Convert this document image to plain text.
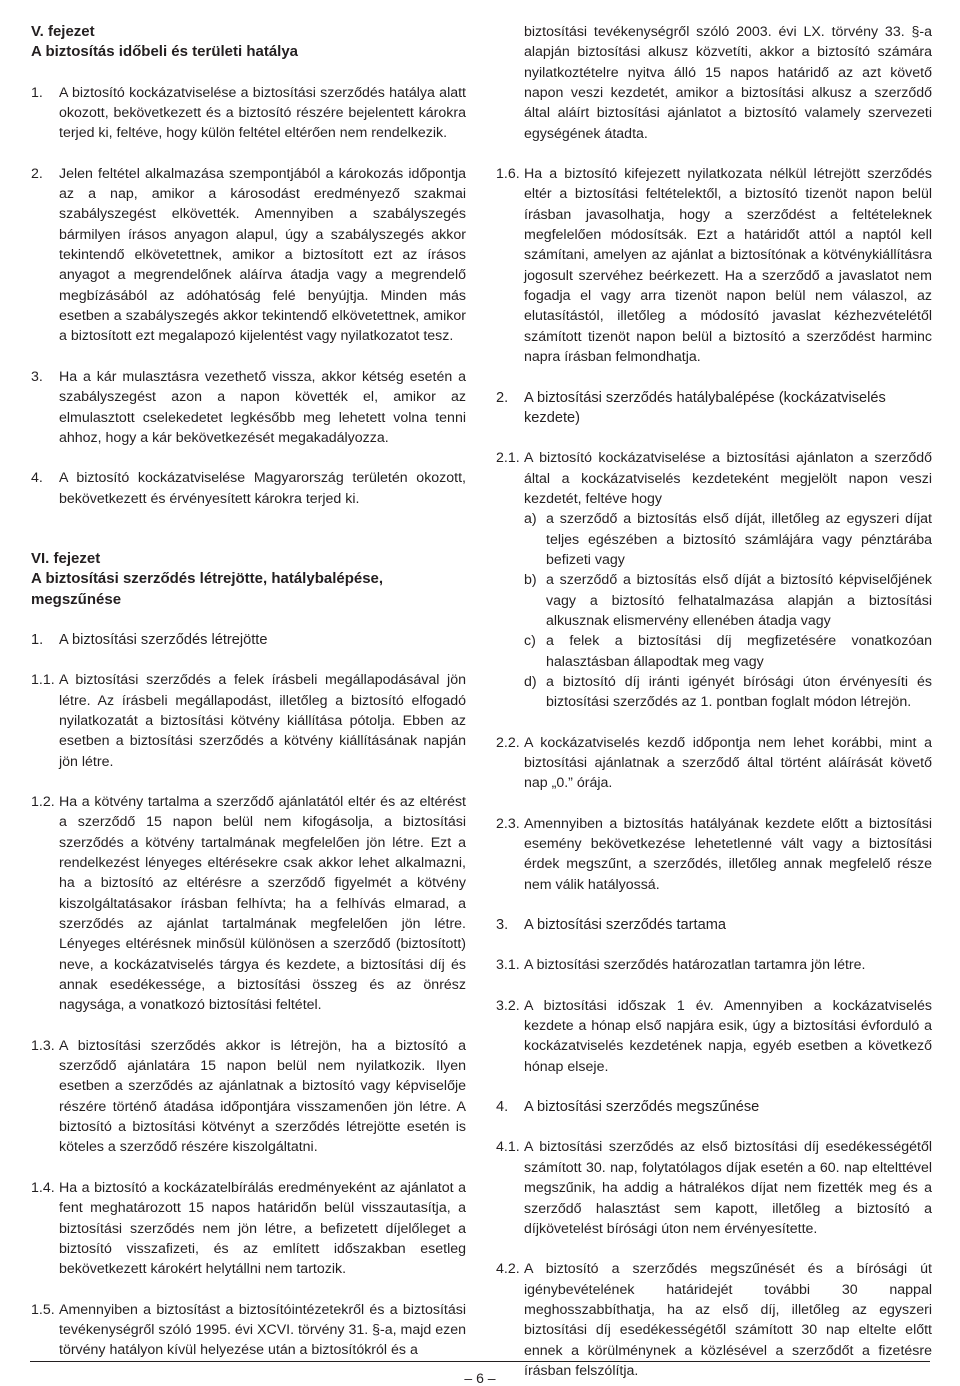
V. fejezet
A biztosítás időbeli és területi hatálya
1. A biztosító kockázatviselése a biztosítási szerződés hatálya alatt okozott, bekövetkezett és a biztosító részére bejelentett károkra terjed ki, feltéve, hogy külön feltétel eltérően nem rendelkezik.
2. Jelen feltétel alkalmazása szempontjából a károkozás időpontja az a nap, amikor a károsodást eredményező szakmai szabályszegést elkövették. Amennyiben a szabályszegés bármilyen írásos anyagon alapul, úgy a szabályszegés akkor tekintendő elkövetettnek, amikor a biztosított ezt az írásos anyagot a megrendelőnek aláírva átadja vagy a megrendelő megbízásából az adóhatóság felé benyújtja. Minden más esetben a szabályszegés akkor tekintendő elkövetettnek, amikor a biztosított ezt megalapozó kijelentést vagy nyilatkozatot tesz.
3. Ha a kár mulasztásra vezethető vissza, akkor kétség esetén a szabályszegést azon a napon követték el, amikor az elmulasztott cselekedetet legkésőbb meg lehetett volna tenni ahhoz, hogy a kár bekövetkezését megakadályozza.
4. A biztosító kockázatviselése Magyarország területén okozott, bekövetkezett és érvényesített károkra terjed ki.
VI. fejezet
A biztosítási szerződés létrejötte, hatálybalépése, megszűnése
1. A biztosítási szerződés létrejötte
1.1. A biztosítási szerződés a felek írásbeli megállapodásával jön létre. Az írásbeli megállapodást, illetőleg a biztosító elfogadó nyilatkozatát a biztosítási kötvény kiállítása pótolja. Ebben az esetben a biztosítási szerződés a kötvény kiállításának napján jön létre.
1.2. Ha a kötvény tartalma a szerződő ajánlatától eltér és az eltérést a szerződő 15 napon belül nem kifogásolja, a biztosítási szerződés a kötvény tartalmának megfelelően jön létre. Ezt a rendelkezést lényeges eltérésekre csak akkor lehet alkalmazni, ha a biztosító az eltérésre a szerződő figyelmét a kötvény kiszolgáltatásakor írásban felhívta; ha a felhívás elmarad, a szerződés az ajánlat tartalmának megfelelően jön létre. Lényeges eltérésnek minősül különösen a szerződő (biztosított) neve, a kockázatviselés tárgya és kezdete, a biztosítási díj és annak esedékessége, a biztosítási összeg és az önrész nagysága, a vonatkozó biztosítási feltétel.
1.3. A biztosítási szerződés akkor is létrejön, ha a biztosító a szerződő ajánlatára 15 napon belül nem nyilatkozik. Ilyen esetben a szerződés az ajánlatnak a biztosító vagy képviselője részére történő átadása időpontjára visszamenően jön létre. A biztosító a biztosítási kötvényt a szerződés létrejötte esetén is köteles a szerződő részére kiszolgáltatni.
1.4. Ha a biztosító a kockázatelbírálás eredményeként az ajánlatot a fent meghatározott 15 napos határidőn belül visszautasítja, a biztosítási szerződés nem jön létre, a befizetett díjelőleget a biztosító visszafizeti, és az említett időszakban esetleg bekövetkezett károkért helytállni nem tartozik.
1.5. Amennyiben a biztosítást a biztosítóintézetekről és a biztosítási tevékenységről szóló 1995. évi XCVI. törvény 31. §-a, majd ezen törvény hatályon kívül helyezése után a biztosítókról és a
biztosítási tevékenységről szóló 2003. évi LX. törvény 33. §-a alapján biztosítási alkusz közvetíti, akkor a biztosító számára nyilatkoztételre nyitva álló 15 napos határidő az azt követő napon veszi kezdetét, amikor a biztosítási alkusz a szerződő által aláírt biztosítási ajánlatot a biztosító valamely szervezeti egységének átadta.
1.6. Ha a biztosító kifejezett nyilatkozata nélkül létrejött szerződés eltér a biztosítási feltételektől, a biztosító tizenöt napon belül írásban javasolhatja, hogy a szerződést a feltételeknek megfelelően módosítsák. Ezt a határidőt attól a naptól kell számítani, amelyen az ajánlat a biztosítónak a kötvénykiállításra jogosult szervéhez beérkezett. Ha a szerződő a javaslatot nem fogadja el vagy arra tizenöt napon belül nem válaszol, az elutasítástól, illetőleg a módosító javaslat kézhezvételétől számított tizenöt napon belül a biztosító a szerződést harminc napra írásban felmondhatja.
2. A biztosítási szerződés hatálybalépése (kockázatviselés kezdete)
2.1. A biztosító kockázatviselése a biztosítási ajánlaton a szerződő által a kockázatviselés kezdeteként megjelölt napon veszi kezdetét, feltéve hogy
a) a szerződő a biztosítás első díját, illetőleg az egyszeri díjat teljes egészében a biztosító számlájára vagy pénztárába befizeti vagy
b) a szerződő a biztosítás első díját a biztosító képviselőjének vagy a biztosító felhatalmazása alapján a biztosítási alkusznak elismervény ellenében átadja vagy
c) a felek a biztosítási díj megfizetésére vonatkozóan halasztásban állapodtak meg vagy
d) a biztosító díj iránti igényét bírósági úton érvényesíti és biztosítási szerződés az 1. pontban foglalt módon létrejön.
2.2. A kockázatviselés kezdő időpontja nem lehet korábbi, mint a biztosítási ajánlatnak a szerződő által történt aláírását követő nap „0.” órája.
2.3. Amennyiben a biztosítás hatályának kezdete előtt a biztosítási esemény bekövetkezése lehetetlenné vált vagy a biztosítási érdek megszűnt, a szerződés, illetőleg annak megfelelő része nem válik hatályossá.
3. A biztosítási szerződés tartama
3.1. A biztosítási szerződés határozatlan tartamra jön létre.
3.2. A biztosítási időszak 1 év. Amennyiben a kockázatviselés kezdete a hónap első napjára esik, úgy a biztosítási évforduló a kockázatviselés kezdetének napja, egyéb esetben a következő hónap elseje.
4. A biztosítási szerződés megszűnése
4.1. A biztosítási szerződés az első biztosítási díj esedékességétől számított 30. nap, folytatólagos díjak esetén a 60. nap eltelttével megszűnik, ha addig a hátralékos díjat nem fizették meg és a szerződő halasztást sem kapott, illetőleg a biztosító a díjkövetelést bírósági úton nem érvényesítette.
4.2. A biztosító a szerződés megszűnését és a bírósági út igénybevételének határidejét további 30 nappal meghosszabbíthatja, ha az első díj, illetőleg az egyszeri biztosítási díj esedékességétől számított 30 nap eltelte előtt ennek a körülménynek a közlésével a szerződőt a fizetésre írásban felszólítja.
– 6 –
